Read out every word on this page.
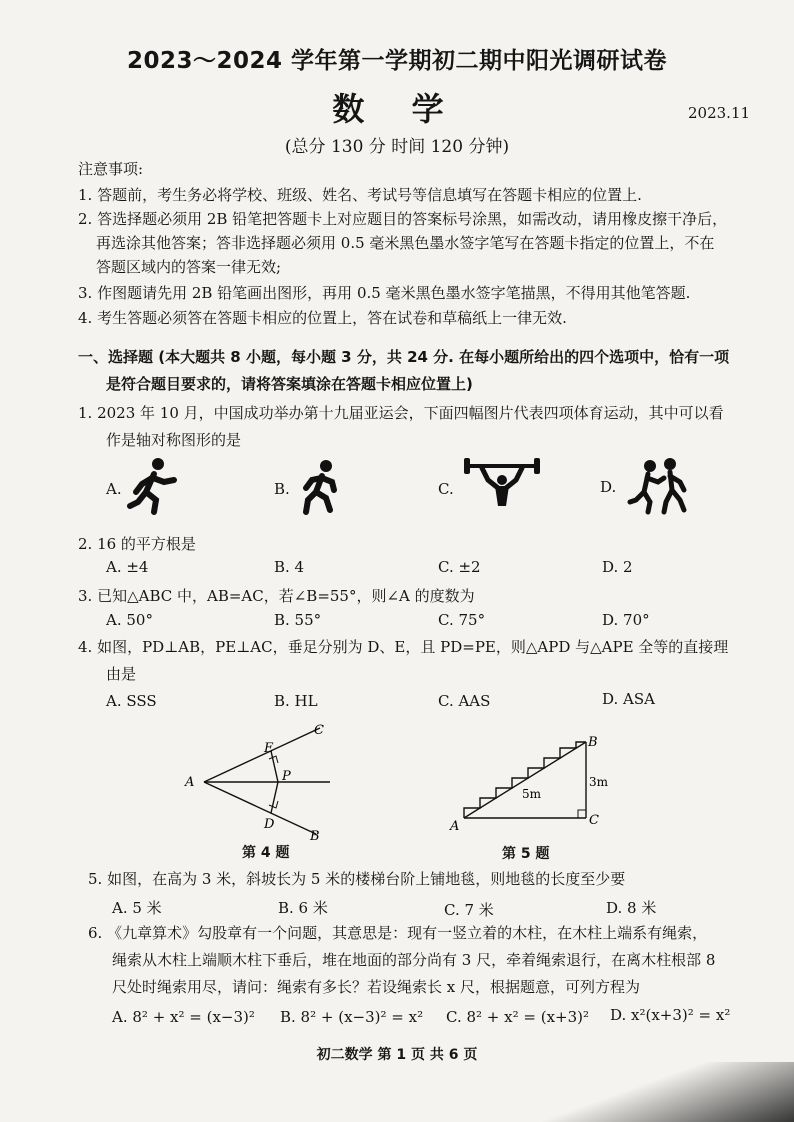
2023～2024 学年第一学期初二期中阳光调研试卷
数 学	2023.11
(总分 130 分 时间 120 分钟)
注意事项:
1. 答题前，考生务必将学校、班级、姓名、考试号等信息填写在答题卡相应的位置上.
2. 答选择题必须用 2B 铅笔把答题卡上对应题目的答案标号涂黑，如需改动，请用橡皮擦干净后，
再选涂其他答案；答非选择题必须用 0.5 毫米黑色墨水签字笔写在答题卡指定的位置上，不在
答题区域内的答案一律无效;
3. 作图题请先用 2B 铅笔画出图形，再用 0.5 毫米黑色墨水签字笔描黑，不得用其他笔答题.
4. 考生答题必须答在答题卡相应的位置上，答在试卷和草稿纸上一律无效.
一、选择题 (本大题共 8 小题，每小题 3 分，共 24 分. 在每小题所给出的四个选项中，恰有一项
是符合题目要求的，请将答案填涂在答题卡相应位置上)
1. 2023 年 10 月，中国成功举办第十九届亚运会，下面四幅图片代表四项体育运动，其中可以看
作是轴对称图形的是
A.	B.	C.	D.
2. 16 的平方根是
A. ±4	B. 4	C. ±2	D. 2
3. 已知△ABC 中，AB=AC，若∠B=55°，则∠A 的度数为
A. 50°	B. 55°	C. 75°	D. 70°
4. 如图，PD⊥AB，PE⊥AC，垂足分别为 D、E，且 PD=PE，则△APD 与△APE 全等的直接理
由是
A. SSS	B. HL	C. AAS	D. ASA
A
E
P
D
C
B
第 4 题
A
B
C
5m
3m
第 5 题
5. 如图，在高为 3 米，斜坡长为 5 米的楼梯台阶上铺地毯，则地毯的长度至少要
A. 5 米	B. 6 米	C. 7 米	D. 8 米
6. 《九章算术》勾股章有一个问题，其意思是：现有一竖立着的木柱，在木柱上端系有绳索，
绳索从木柱上端顺木柱下垂后，堆在地面的部分尚有 3 尺，牵着绳索退行，在离木柱根部 8
尺处时绳索用尽，请问：绳索有多长？若设绳索长 x 尺，根据题意，可列方程为
A. 8² + x² = (x−3)² B. 8² + (x−3)² = x² C. 8² + x² = (x+3)² D. x²(x+3)² = x²
初二数学 第 1 页 共 6 页
